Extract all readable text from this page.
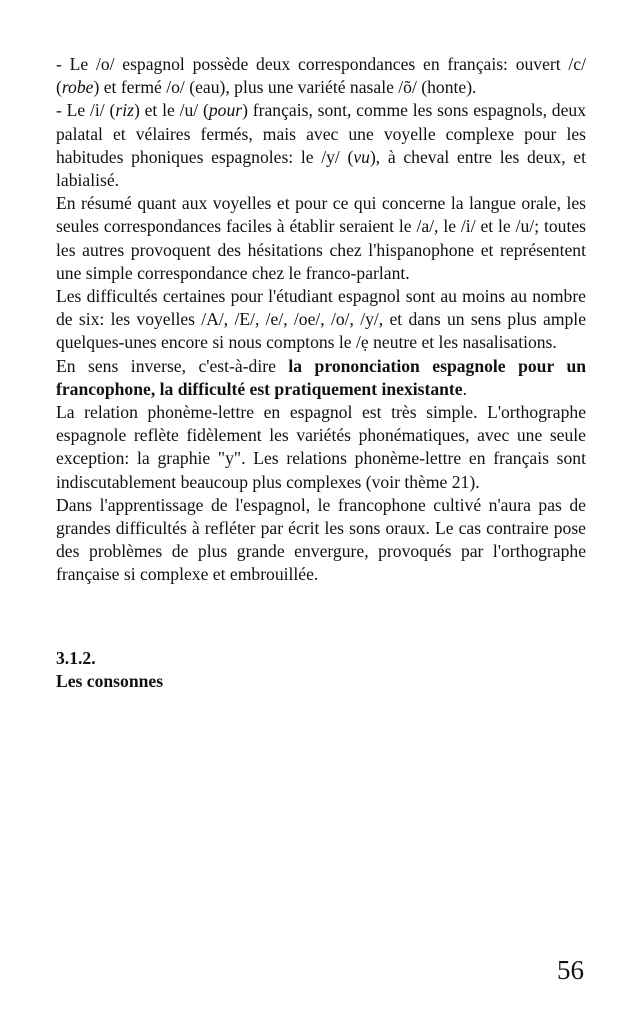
- Le /o/ espagnol possède deux correspondances en français: ouvert /c/ (robe) et fermé /o/ (eau), plus une variété nasale /õ/ (honte).

- Le /i/ (riz) et le /u/ (pour) français, sont, comme les sons espagnols, deux palatal et vélaires fermés, mais avec une voyelle complexe pour les habitudes phoniques espagnoles: le /y/ (vu), à cheval entre les deux, et labialisé.

En résumé quant aux voyelles et pour ce qui concerne la langue orale, les seules correspondances faciles à établir seraient le /a/, le /i/ et le /u/; toutes les autres provoquent des hésitations chez l'hispanophone et représentent une simple correspondance chez le franco-parlant.

Les difficultés certaines pour l'étudiant espagnol sont au moins au nombre de six: les voyelles /A/, /E/, /e/, /oe/, /o/, /y/, et dans un sens plus ample quelques-unes encore si nous comptons le /ẹ neutre et les nasalisations.

En sens inverse, c'est-à-dire la prononciation espagnole pour un francophone, la difficulté est pratiquement inexistante.

La relation phonème-lettre en espagnol est très simple. L'orthographe espagnole reflète fidèlement les variétés phonématiques, avec une seule exception: la graphie "y". Les relations phonème-lettre en français sont indiscutablement beaucoup plus complexes (voir thème 21).

Dans l'apprentissage de l'espagnol, le francophone cultivé n'aura pas de grandes difficultés à refléter par écrit les sons oraux. Le cas contraire pose des problèmes de plus grande envergure, provoqués par l'orthographe française si complexe et embrouillée.

3.1.2.
Les consonnes
56
